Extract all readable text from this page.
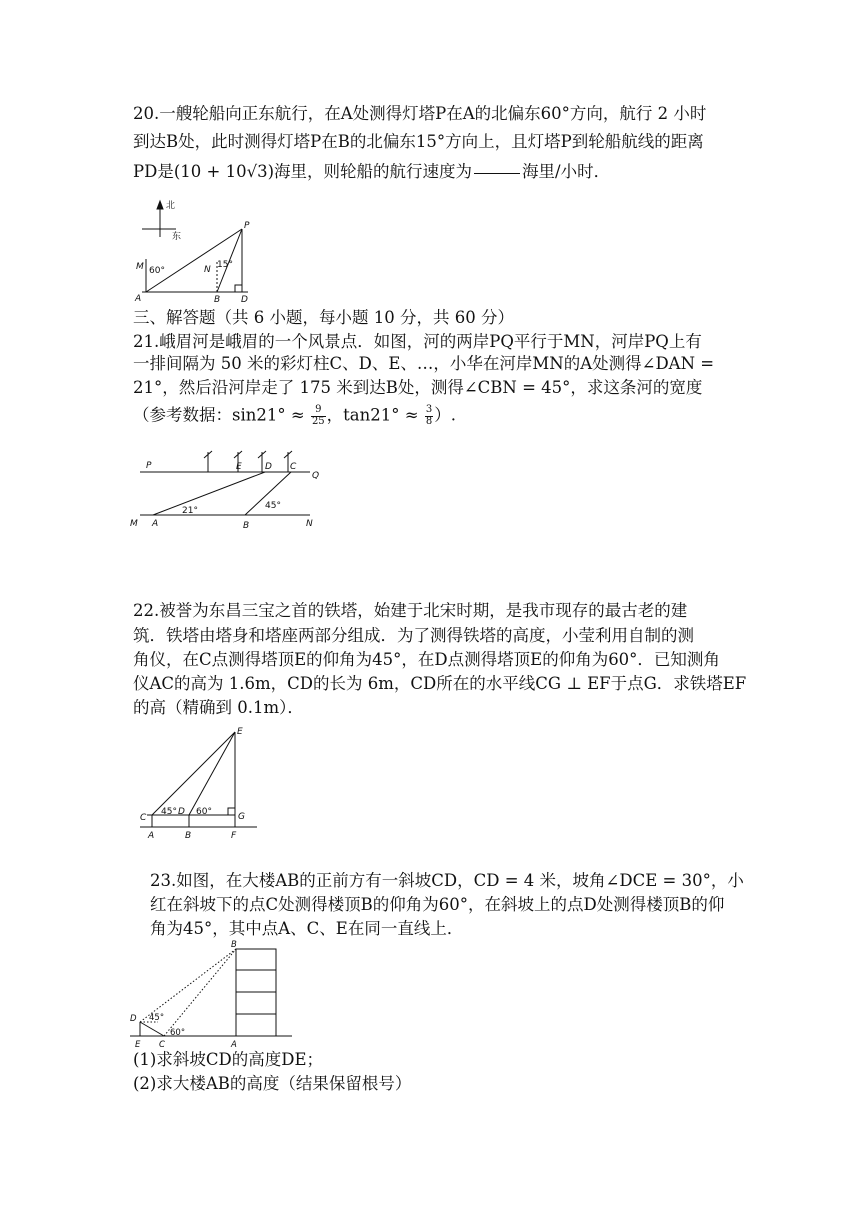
20.一艘轮船向正东航行，在A处测得灯塔P在A的北偏东60°方向，航行 2 小时
到达B处，此时测得灯塔P在B的北偏东15°方向上，且灯塔P到轮船航线的距离
PD是(10 + 10√3)海里，则轮船的航行速度为	海里/小时．
北
东
M 60°
A
N 15°
B D
P
三、解答题（共 6 小题，每小题 10 分，共 60 分）
21.峨眉河是峨眉的一个风景点．如图，河的两岸PQ平行于MN，河岸PQ上有
一排间隔为 50 米的彩灯柱C、D、E、…，小华在河岸MN的A处测得∠DAN =
21°，然后沿河岸走了 175 米到达B处，测得∠CBN = 45°，求这条河的宽度
（参考数据：$\sin 21^\circ \approx \frac{9}{25}$ ，$\tan 21^\circ \approx \frac{3}{8}$ ）.
P
Q
E	D C
M A
21°
B
45°
N
22.被誉为东昌三宝之首的铁塔，始建于北宋时期，是我市现存的最古老的建
筑．铁塔由塔身和塔座两部分组成．为了测得铁塔的高度，小莹利用自制的测
角仪，在C点测得塔顶E的仰角为45°，在D点测得塔顶E的仰角为60°．已知测角
仪AC的高为 1.6m，CD的长为 6m，CD所在的水平线CG ⊥ EF于点G．求铁塔EF
的高（精确到 0.1m）．
E
C
45° D 60°	G
A	B	F
23.如图，在大楼AB的正前方有一斜坡CD，CD = 4 米，坡角∠DCE = 30°，小
红在斜坡下的点C处测得楼顶B的仰角为60°，在斜坡上的点D处测得楼顶B的仰
角为45°，其中点A、C、E在同一直线上．
B
D 45°
60°
E C	A
(1)求斜坡CD的高度DE；
(2)求大楼AB的高度（结果保留根号）
